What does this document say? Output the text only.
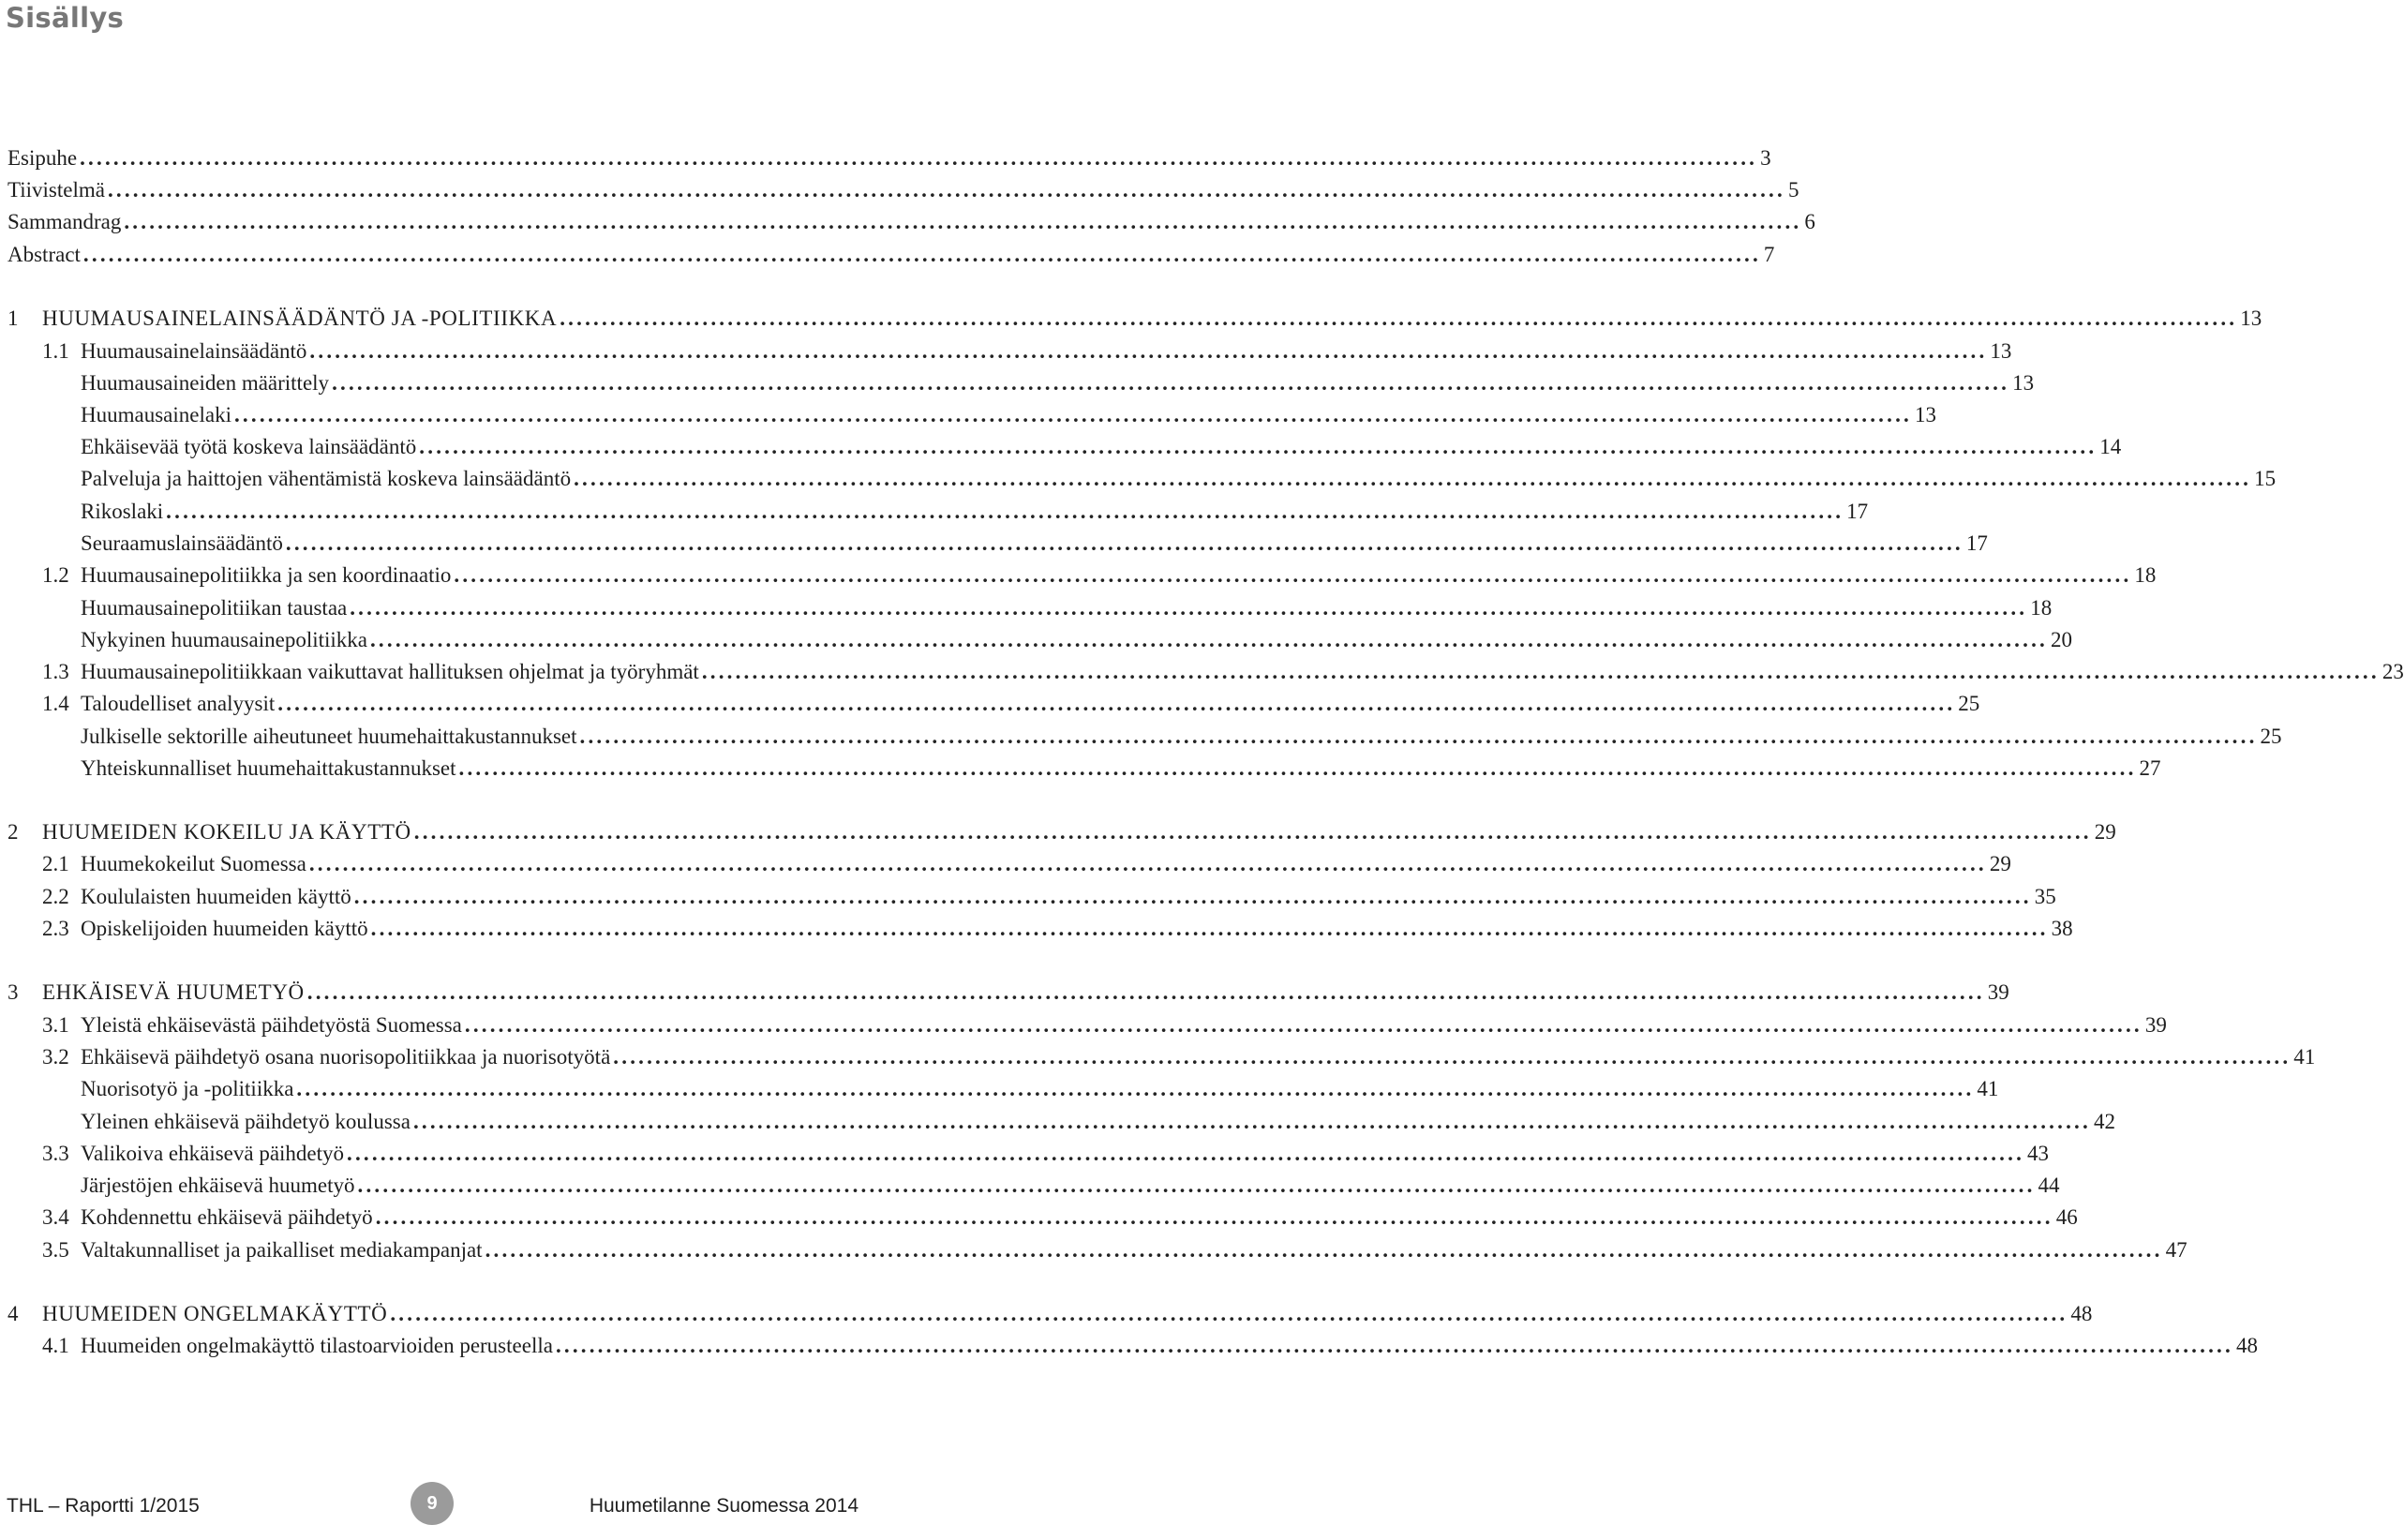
Sisällys
Esipuhe ........................................................................................................................................................................................................ 3
Tiivistelmä ........................................................................................................................................................................................................ 5
Sammandrag ........................................................................................................................................................................................................ 6
Abstract ........................................................................................................................................................................................................ 7
1 HUUMAUSAINELAINSÄÄDÄNTÖ JA -POLITIIKKA ........................................................................................................................................................................................................ 13
1.1 Huumausainelainsäädäntö ........................................................................................................................................................................................................ 13
Huumausaineiden määrittely ........................................................................................................................................................................................................ 13
Huumausainelaki ........................................................................................................................................................................................................ 13
Ehkäisevää työtä koskeva lainsäädäntö ........................................................................................................................................................................................................ 14
Palveluja ja haittojen vähentämistä koskeva lainsäädäntö ........................................................................................................................................................................................................ 15
Rikoslaki ........................................................................................................................................................................................................ 17
Seuraamuslainsäädäntö ........................................................................................................................................................................................................ 17
1.2 Huumausainepolitiikka ja sen koordinaatio ........................................................................................................................................................................................................ 18
Huumausainepolitiikan taustaa ........................................................................................................................................................................................................ 18
Nykyinen huumausainepolitiikka ........................................................................................................................................................................................................ 20
1.3 Huumausainepolitiikkaan vaikuttavat hallituksen ohjelmat ja työryhmät ........................................................................................................................................................................................................ 23
1.4 Taloudelliset analyysit ........................................................................................................................................................................................................ 25
Julkiselle sektorille aiheutuneet huumehaittakustannukset ........................................................................................................................................................................................................ 25
Yhteiskunnalliset huumehaittakustannukset ........................................................................................................................................................................................................ 27
2 HUUMEIDEN KOKEILU JA KÄYTTÖ ........................................................................................................................................................................................................ 29
2.1 Huumekokeilut Suomessa ........................................................................................................................................................................................................ 29
2.2 Koululaisten huumeiden käyttö ........................................................................................................................................................................................................ 35
2.3 Opiskelijoiden huumeiden käyttö ........................................................................................................................................................................................................ 38
3 EHKÄISEVÄ HUUMETYÖ ........................................................................................................................................................................................................ 39
3.1 Yleistä ehkäisevästä päihdetyöstä Suomessa ........................................................................................................................................................................................................ 39
3.2 Ehkäisevä päihdetyö osana nuorisopolitiikkaa ja nuorisotyötä ........................................................................................................................................................................................................ 41
Nuorisotyö ja -politiikka ........................................................................................................................................................................................................ 41
Yleinen ehkäisevä päihdetyö koulussa ........................................................................................................................................................................................................ 42
3.3 Valikoiva ehkäisevä päihdetyö ........................................................................................................................................................................................................ 43
Järjestöjen ehkäisevä huumetyö ........................................................................................................................................................................................................ 44
3.4 Kohdennettu ehkäisevä päihdetyö ........................................................................................................................................................................................................ 46
3.5 Valtakunnalliset ja paikalliset mediakampanjat ........................................................................................................................................................................................................ 47
4 HUUMEIDEN ONGELMAKÄYTTÖ ........................................................................................................................................................................................................ 48
4.1 Huumeiden ongelmakäyttö tilastoarvioiden perusteella ........................................................................................................................................................................................................ 48
THL – Raportti 1/2015	9	Huumetilanne Suomessa 2014
